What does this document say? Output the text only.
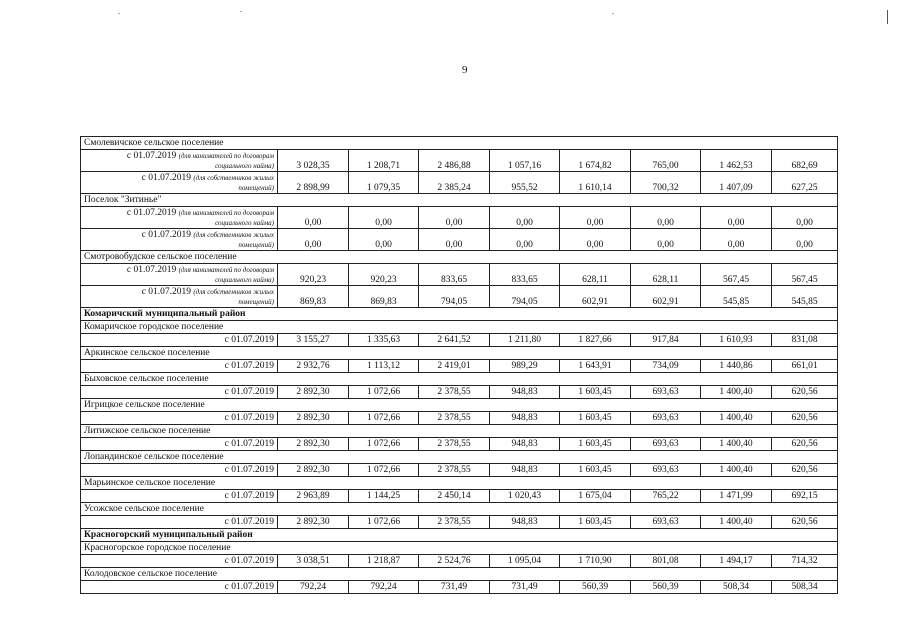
9
Смолевичское сельское поселение								

с 01.07.2019 (для нанимателей по договорам
социального найма)	3 028,35	1 208,71	2 486,88	1 057,16	1 674,82	765,00	1 462,53	682,69

с 01.07.2019 (для собственников жилых
помещений)	2 898,99	1 079,35	2 385,24	955,52	1 610,14	700,32	1 407,09	627,25
Поселок "Зитинье"								

с 01.07.2019 (для нанимателей по договорам
социального найма)	0,00	0,00	0,00	0,00	0,00	0,00	0,00	0,00

с 01.07.2019 (для собственников жилых
помещений)	0,00	0,00	0,00	0,00	0,00	0,00	0,00	0,00
Смотровобудское сельское поселение								

с 01.07.2019 (для нанимателей по договорам
социального найма)	920,23	920,23	833,65	833,65	628,11	628,11	567,45	567,45

с 01.07.2019 (для собственников жилых
помещений)	869,83	869,83	794,05	794,05	602,91	602,91	545,85	545,85
Комаричский муниципальный район								
Комаричское городское поселение								
с 01.07.2019	3 155,27	1 335,63	2 641,52	1 211,80	1 827,66	917,84	1 610,93	831,08
Аркинское сельское поселение								
с 01.07.2019	2 932,76	1 113,12	2 419,01	989,29	1 643,91	734,09	1 440,86	661,01
Быховское сельское поселение								
с 01.07.2019	2 892,30	1 072,66	2 378,55	948,83	1 603,45	693,63	1 400,40	620,56
Игрицкое сельское поселение								
с 01.07.2019	2 892,30	1 072,66	2 378,55	948,83	1 603,45	693,63	1 400,40	620,56
Литижское сельское поселение								
с 01.07.2019	2 892,30	1 072,66	2 378,55	948,83	1 603,45	693,63	1 400,40	620,56
Лопандинское сельское поселение								
с 01.07.2019	2 892,30	1 072,66	2 378,55	948,83	1 603,45	693,63	1 400,40	620,56
Марьинское сельское поселение								
с 01.07.2019	2 963,89	1 144,25	2 450,14	1 020,43	1 675,04	765,22	1 471,99	692,15
Усожское сельское поселение								
с 01.07.2019	2 892,30	1 072,66	2 378,55	948,83	1 603,45	693,63	1 400,40	620,56
Красногорский муниципальный район								
Красногорское городское поселение								
с 01.07.2019	3 038,51	1 218,87	2 524,76	1 095,04	1 710,90	801,08	1 494,17	714,32
Колодовское сельское поселение								
с 01.07.2019	792,24	792,24	731,49	731,49	560,39	560,39	508,34	508,34
